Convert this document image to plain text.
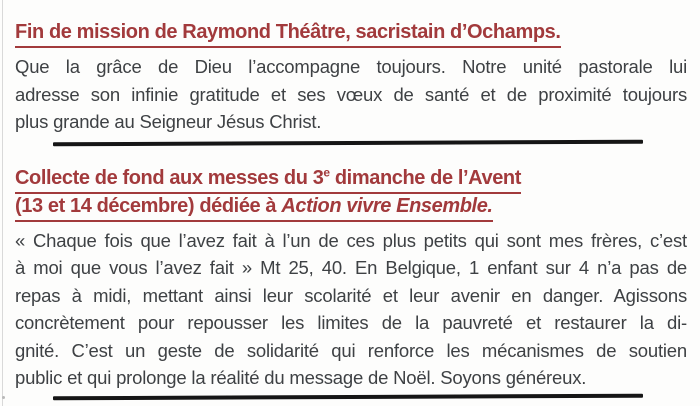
Fin de mission de Raymond Théâtre, sacristain d’Ochamps.
Que la grâce de Dieu l’accompagne toujours. Notre unité pastorale lui
adresse son infinie gratitude et ses vœux de santé et de proximité toujours
plus grande au Seigneur Jésus Christ.
Collecte de fond aux messes du 3e dimanche de l’Avent
(13 et 14 décembre) dédiée à Action vivre Ensemble.
« Chaque fois que l’avez fait à l’un de ces plus petits qui sont mes frères, c’est
à moi que vous l’avez fait » Mt 25, 40. En Belgique, 1 enfant sur 4 n’a pas de
repas à midi, mettant ainsi leur scolarité et leur avenir en danger. Agissons
concrètement pour repousser les limites de la pauvreté et restaurer la di-
gnité. C’est un geste de solidarité qui renforce les mécanismes de soutien
public et qui prolonge la réalité du message de Noël. Soyons généreux.
